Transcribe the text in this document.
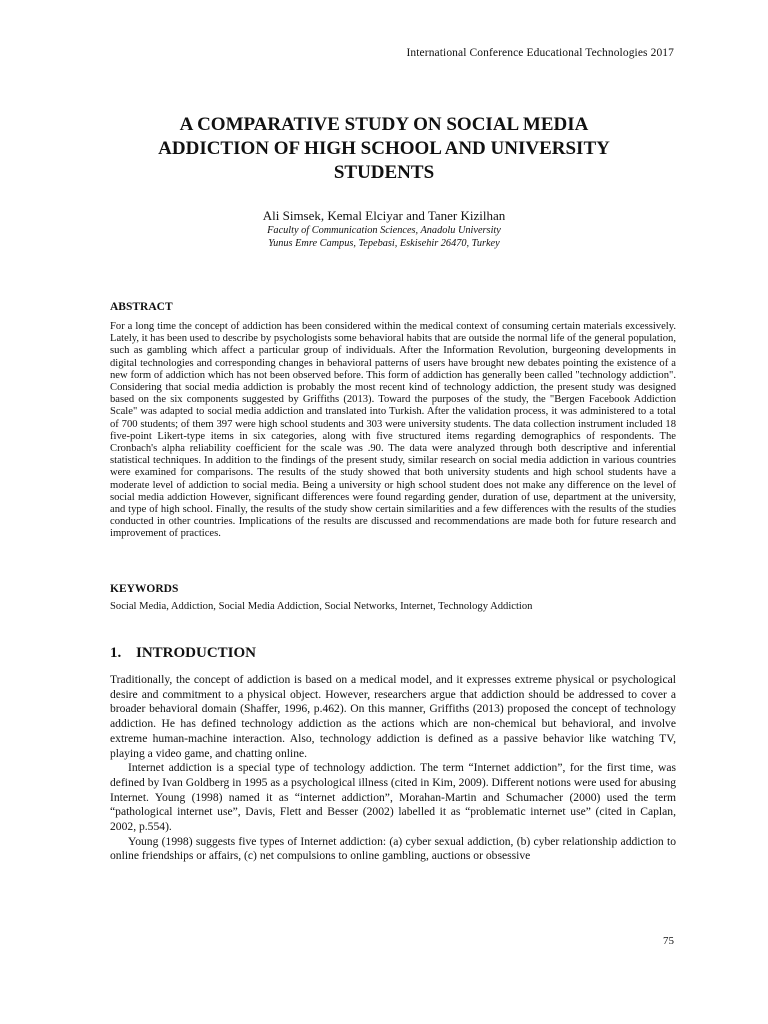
International Conference Educational Technologies 2017
A COMPARATIVE STUDY ON SOCIAL MEDIA
ADDICTION OF HIGH SCHOOL AND UNIVERSITY
STUDENTS
Ali Simsek, Kemal Elciyar and Taner Kizilhan
Faculty of Communication Sciences, Anadolu University
Yunus Emre Campus, Tepebasi, Eskisehir 26470, Turkey
ABSTRACT
For a long time the concept of addiction has been considered within the medical context of consuming certain materials excessively. Lately, it has been used to describe by psychologists some behavioral habits that are outside the normal life of the general population, such as gambling which affect a particular group of individuals. After the Information Revolution, burgeoning developments in digital technologies and corresponding changes in behavioral patterns of users have brought new debates pointing the existence of a new form of addiction which has not been observed before. This form of addiction has generally been called "technology addiction". Considering that social media addiction is probably the most recent kind of technology addiction, the present study was designed based on the six components suggested by Griffiths (2013). Toward the purposes of the study, the "Bergen Facebook Addiction Scale" was adapted to social media addiction and translated into Turkish. After the validation process, it was administered to a total of 700 students; of them 397 were high school students and 303 were university students. The data collection instrument included 18 five-point Likert-type items in six categories, along with five structured items regarding demographics of respondents. The Cronbach's alpha reliability coefficient for the scale was .90. The data were analyzed through both descriptive and inferential statistical techniques. In addition to the findings of the present study, similar research on social media addiction in various countries were examined for comparisons. The results of the study showed that both university students and high school students have a moderate level of addiction to social media. Being a university or high school student does not make any difference on the level of social media addiction However, significant differences were found regarding gender, duration of use, department at the university, and type of high school. Finally, the results of the study show certain similarities and a few differences with the results of the studies conducted in other countries. Implications of the results are discussed and recommendations are made both for future research and improvement of practices.
KEYWORDS
Social Media, Addiction, Social Media Addiction, Social Networks, Internet, Technology Addiction
1. INTRODUCTION

Traditionally, the concept of addiction is based on a medical model, and it expresses extreme physical or psychological desire and commitment to a physical object. However, researchers argue that addiction should be addressed to cover a broader behavioral domain (Shaffer, 1996, p.462). On this manner, Griffiths (2013) proposed the concept of technology addiction. He has defined technology addiction as the actions which are non-chemical but behavioral, and involve extreme human-machine interaction. Also, technology addiction is defined as a passive behavior like watching TV, playing a video game, and chatting online.

Internet addiction is a special type of technology addiction. The term “Internet addiction”, for the first time, was defined by Ivan Goldberg in 1995 as a psychological illness (cited in Kim, 2009). Different notions were used for abusing Internet. Young (1998) named it as “internet addiction”, Morahan-Martin and Schumacher (2000) used the term “pathological internet use”, Davis, Flett and Besser (2002) labelled it as “problematic internet use” (cited in Caplan, 2002, p.554).

Young (1998) suggests five types of Internet addiction: (a) cyber sexual addiction, (b) cyber relationship addiction to online friendships or affairs, (c) net compulsions to online gambling, auctions or obsessive

75
